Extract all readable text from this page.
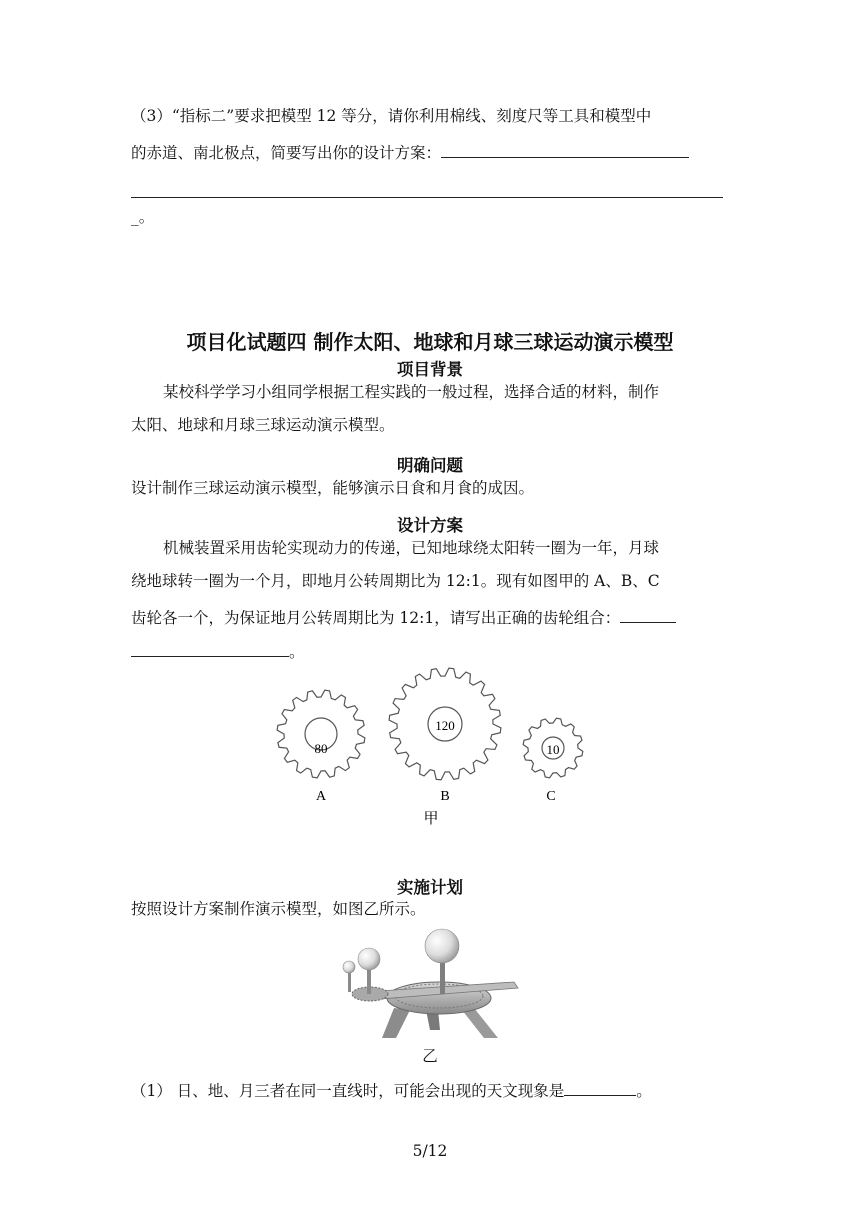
（3）“指标二”要求把模型 12 等分，请你利用棉线、刻度尺等工具和模型中
的赤道、南北极点，简要写出你的设计方案：
_。
项目化试题四 制作太阳、地球和月球三球运动演示模型
项目背景
某校科学学习小组同学根据工程实践的一般过程，选择合适的材料，制作
太阳、地球和月球三球运动演示模型。
明确问题
设计制作三球运动演示模型，能够演示日食和月食的成因。
设计方案
机械装置采用齿轮实现动力的传递，已知地球绕太阳转一圈为一年，月球
绕地球转一圈为一个月，即地月公转周期比为 12:1。现有如图甲的 A、B、C
齿轮各一个，为保证地月公转周期比为 12:1，请写出正确的齿轮组合：
。
80
120
10
A	B	C
甲
实施计划
按照设计方案制作演示模型，如图乙所示。
乙
（1） 日、地、月三者在同一直线时，可能会出现的天文现象是	。
5/12
